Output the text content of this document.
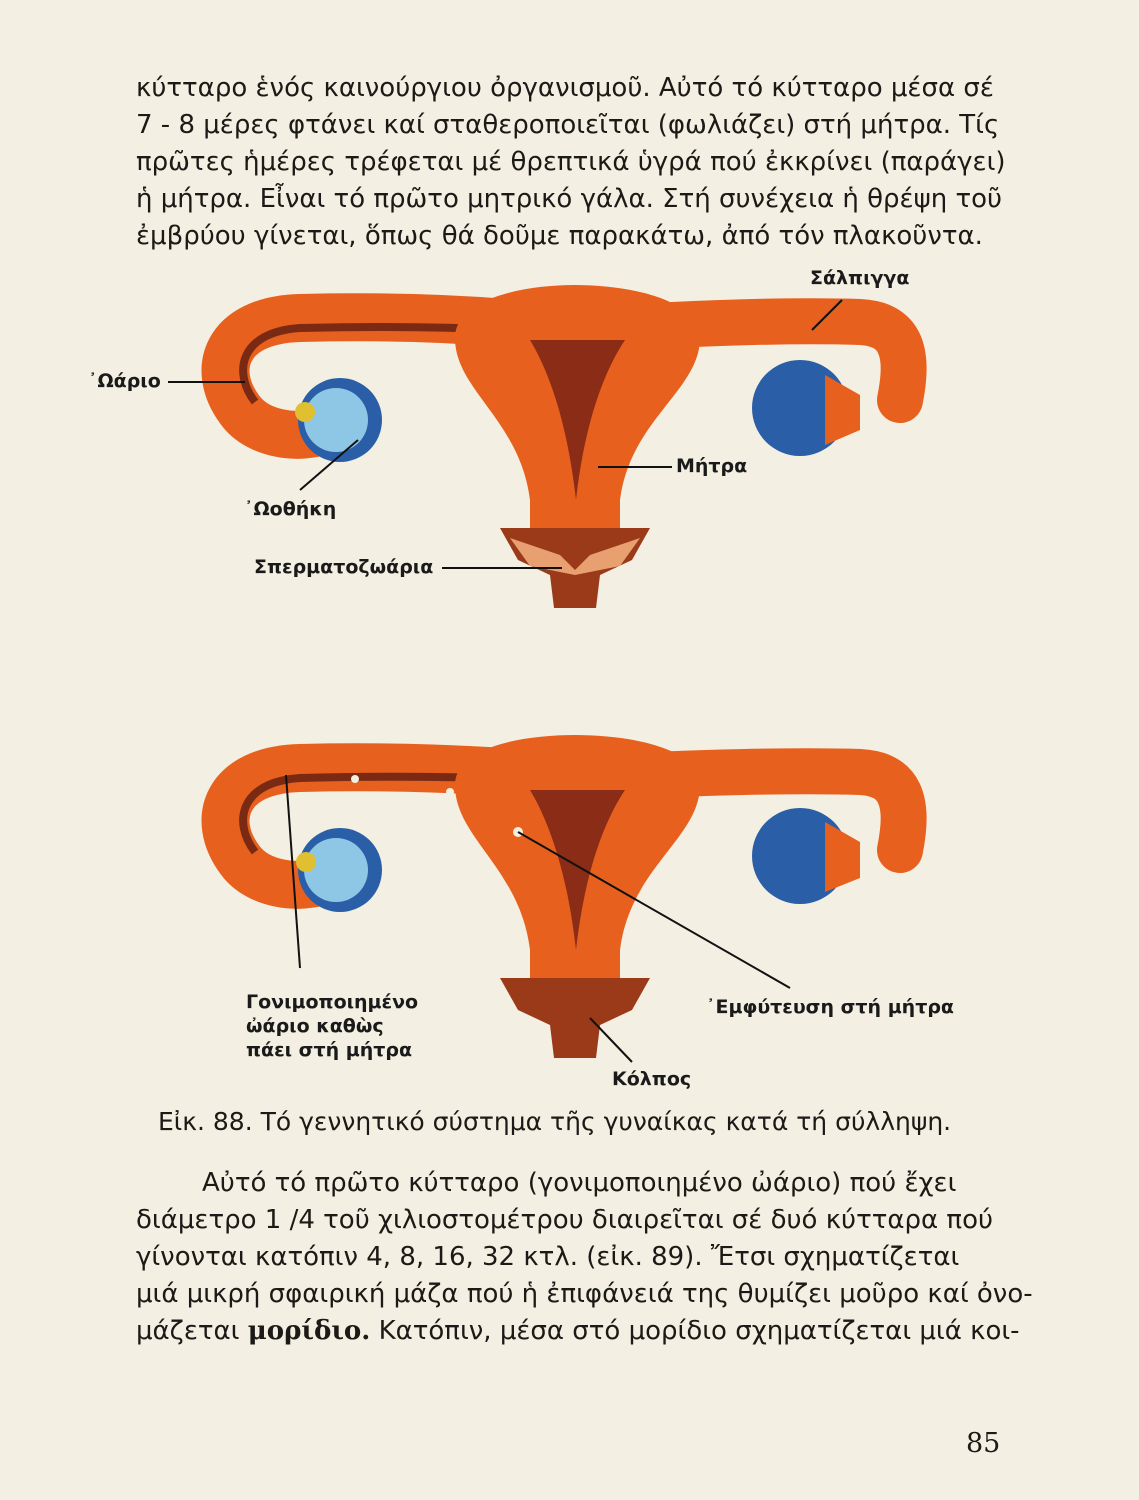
κύτταρο ἑνός καινούργιου ὀργανισμοῦ. Αὐτό τό κύτταρο μέσα σέ
7 - 8 μέρες φτάνει καί σταθεροποιεῖται (φωλιάζει) στή μήτρα. Τίς
πρῶτες ἡμέρες τρέφεται μέ θρεπτικά ὑγρά πού ἐκκρίνει (παράγει)
ἡ μήτρα. Εἶναι τό πρῶτο μητρικό γάλα. Στή συνέχεια ἡ θρέψη τοῦ
ἐμβρύου γίνεται, ὅπως θά δοῦμε παρακάτω, ἀπό τόν πλακοῦντα.
Σάλπιγγα
᾿Ωάριο
Μήτρα
᾿Ωοθήκη
Σπερματοζωάρια
Γονιμοποιημένο
ὠάριο καθὼς
πάει στή μήτρα
᾿Εμφύτευση στή μήτρα
Κόλπος
Εἰκ. 88. Τό γεννητικό σύστημα τῆς γυναίκας κατά τή σύλληψη.
Αὐτό τό πρῶτο κύτταρο (γονιμοποιημένο ὠάριο) πού ἔχει
διάμετρο 1 /4 τοῦ χιλιοστομέτρου διαιρεῖται σέ δυό κύτταρα πού
γίνονται κατόπιν 4, 8, 16, 32 κτλ. (εἰκ. 89). Ἔτσι σχηματίζεται
μιά μικρή σφαιρική μάζα πού ἡ ἐπιφάνειά της θυμίζει μοῦρο καί ὀνο-
μάζεται μορίδιο. Κατόπιν, μέσα στό μορίδιο σχηματίζεται μιά κοι-
85
